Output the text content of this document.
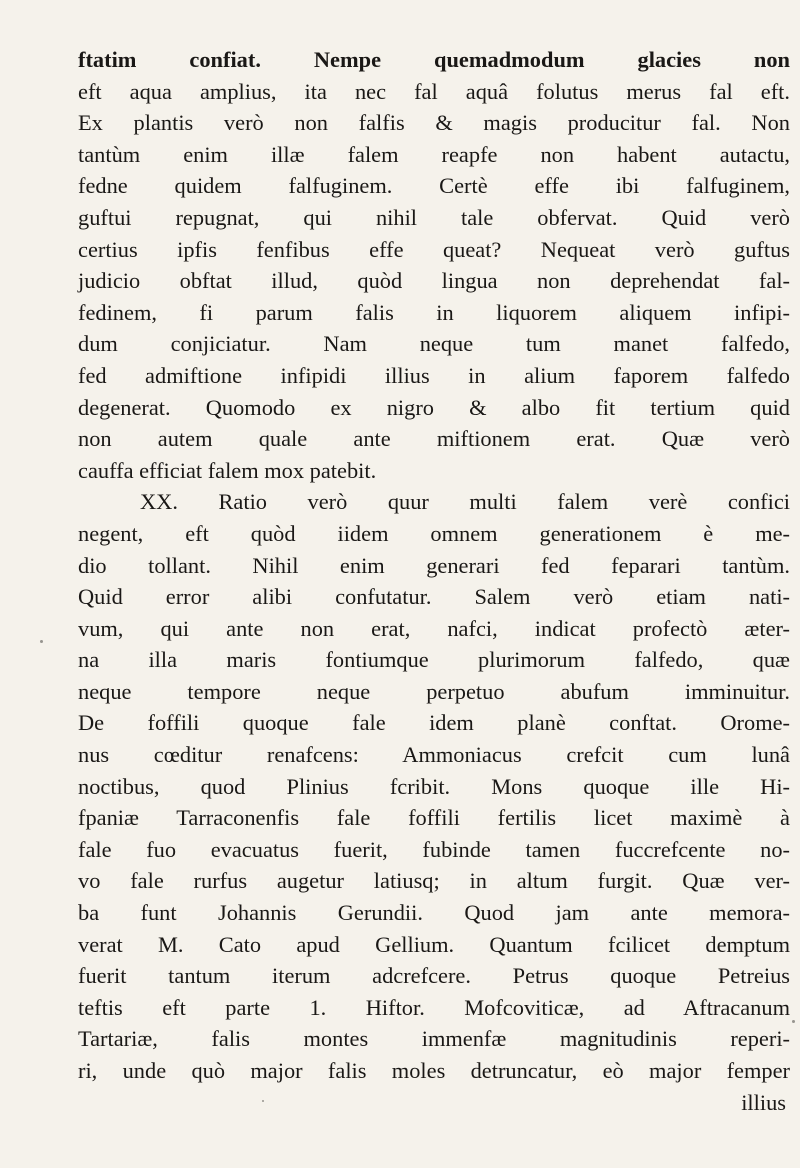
ftatim confiat. Nempe quemadmodum glacies non
eft aqua amplius, ita nec fal aquâ folutus merus fal eft.
Ex plantis verò non falfis & magis producitur fal. Non
tantùm enim illæ falem reapfe non habent autactu,
fedne quidem falfuginem. Certè effe ibi falfuginem,
guftui repugnat, qui nihil tale obfervat. Quid verò
certius ipfis fenfibus effe queat? Nequeat verò guftus
judicio obftat illud, quòd lingua non deprehendat fal-
fedinem, fi parum falis in liquorem aliquem infipi-
dum conjiciatur. Nam neque tum manet falfedo,
fed admiftione infipidi illius in alium faporem falfedo
degenerat. Quomodo ex nigro & albo fit tertium quid
non autem quale ante miftionem erat. Quæ verò
cauffa efficiat falem mox patebit.
XX. Ratio verò quur multi falem verè confici
negent, eft quòd iidem omnem generationem è me-
dio tollant. Nihil enim generari fed feparari tantùm.
Quid error alibi confutatur. Salem verò etiam nati-
vum, qui ante non erat, nafci, indicat profectò æter-
na illa maris fontiumque plurimorum falfedo, quæ
neque tempore neque perpetuo abufum imminuitur.
De foffili quoque fale idem planè conftat. Orome-
nus cœditur renafcens: Ammoniacus crefcit cum lunâ
noctibus, quod Plinius fcribit. Mons quoque ille Hi-
fpaniæ Tarraconenfis fale foffili fertilis licet maximè à
fale fuo evacuatus fuerit, fubinde tamen fuccrefcente no-
vo fale rurfus augetur latiusq; in altum furgit. Quæ ver-
ba funt Johannis Gerundii. Quod jam ante memora-
verat M. Cato apud Gellium. Quantum fcilicet demptum
fuerit tantum iterum adcrefcere. Petrus quoque Petreius
teftis eft parte 1. Hiftor. Mofcoviticæ, ad Aftracanum
Tartariæ, falis montes immenfæ magnitudinis reperi-
ri, unde quò major falis moles detruncatur, eò major femper
illius
